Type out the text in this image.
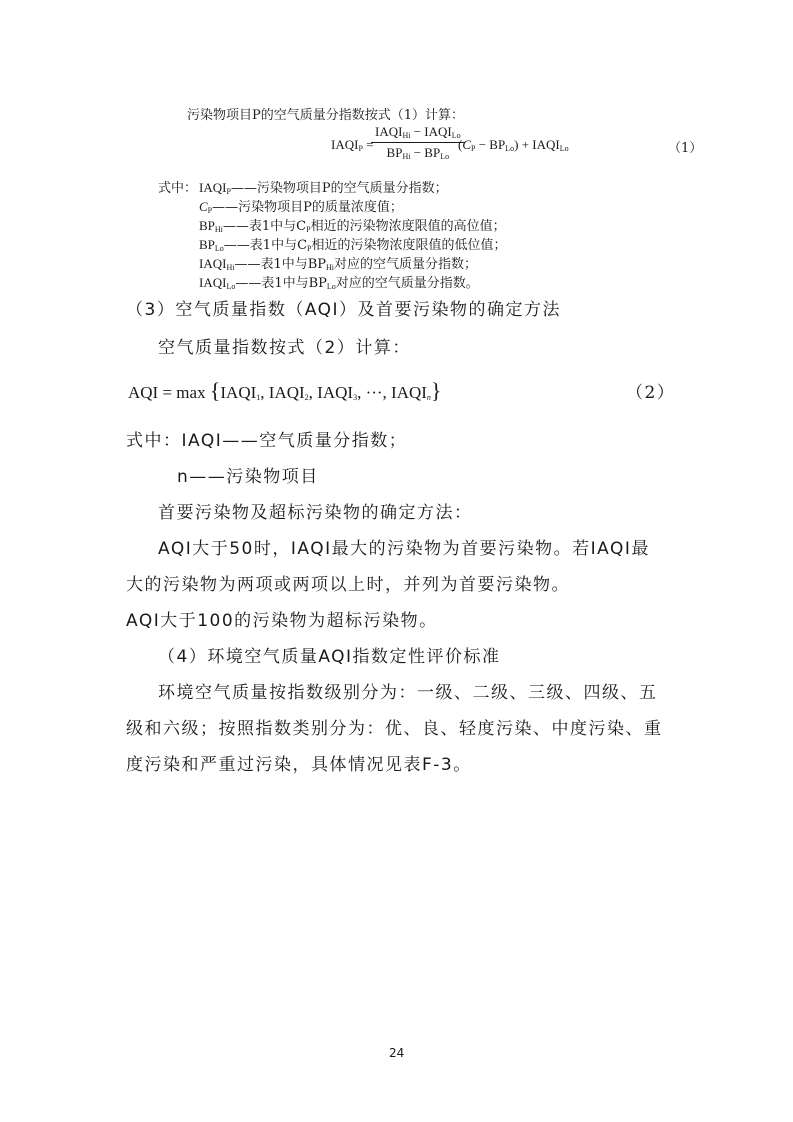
污染物项目P的空气质量分指数按式（1）计算：
$IAQI_P$ =
$IAQI_{Hi}$ − $IAQI_{Lo}$
$BP_{Hi} - BP_{Lo}$
$(C_P - BP_{Lo})$ + $IAQI_{Lo}$	（1）
式中： $IAQI_P——$污染物项目P的空气质量分指数；
$C_P——$污染物项目P的质量浓度值；
$BP_{Hi}——$表1中与$C_P$相近的污染物浓度限值的高位值；
$BP_{Lo}——$表1中与$C_P$相近的污染物浓度限值的低位值；
$IAQI_{Hi}——$表1中与$BP_{Hi}$对应的空气质量分指数；
$IAQI_{Lo}——$表1中与$BP_{Lo}$对应的空气质量分指数。
（3）空气质量指数（AQI）及首要污染物的确定方法
空气质量指数按式（2）计算：
AQI = $\max \{IAQI_1$, $IAQI_2$, $IAQI_3$, ···, $IAQI_n$}	（2）
式中：IAQI——空气质量分指数；
n——污染物项目
首要污染物及超标污染物的确定方法：
AQI大于50时，IAQI最大的污染物为首要污染物。若IAQI最
大的污染物为两项或两项以上时，并列为首要污染物。
AQI大于100的污染物为超标污染物。
（4）环境空气质量AQI指数定性评价标准
环境空气质量按指数级别分为：一级、二级、三级、四级、五
级和六级；按照指数类别分为：优、良、轻度污染、中度污染、重
度污染和严重过污染，具体情况见表F-3。
24
